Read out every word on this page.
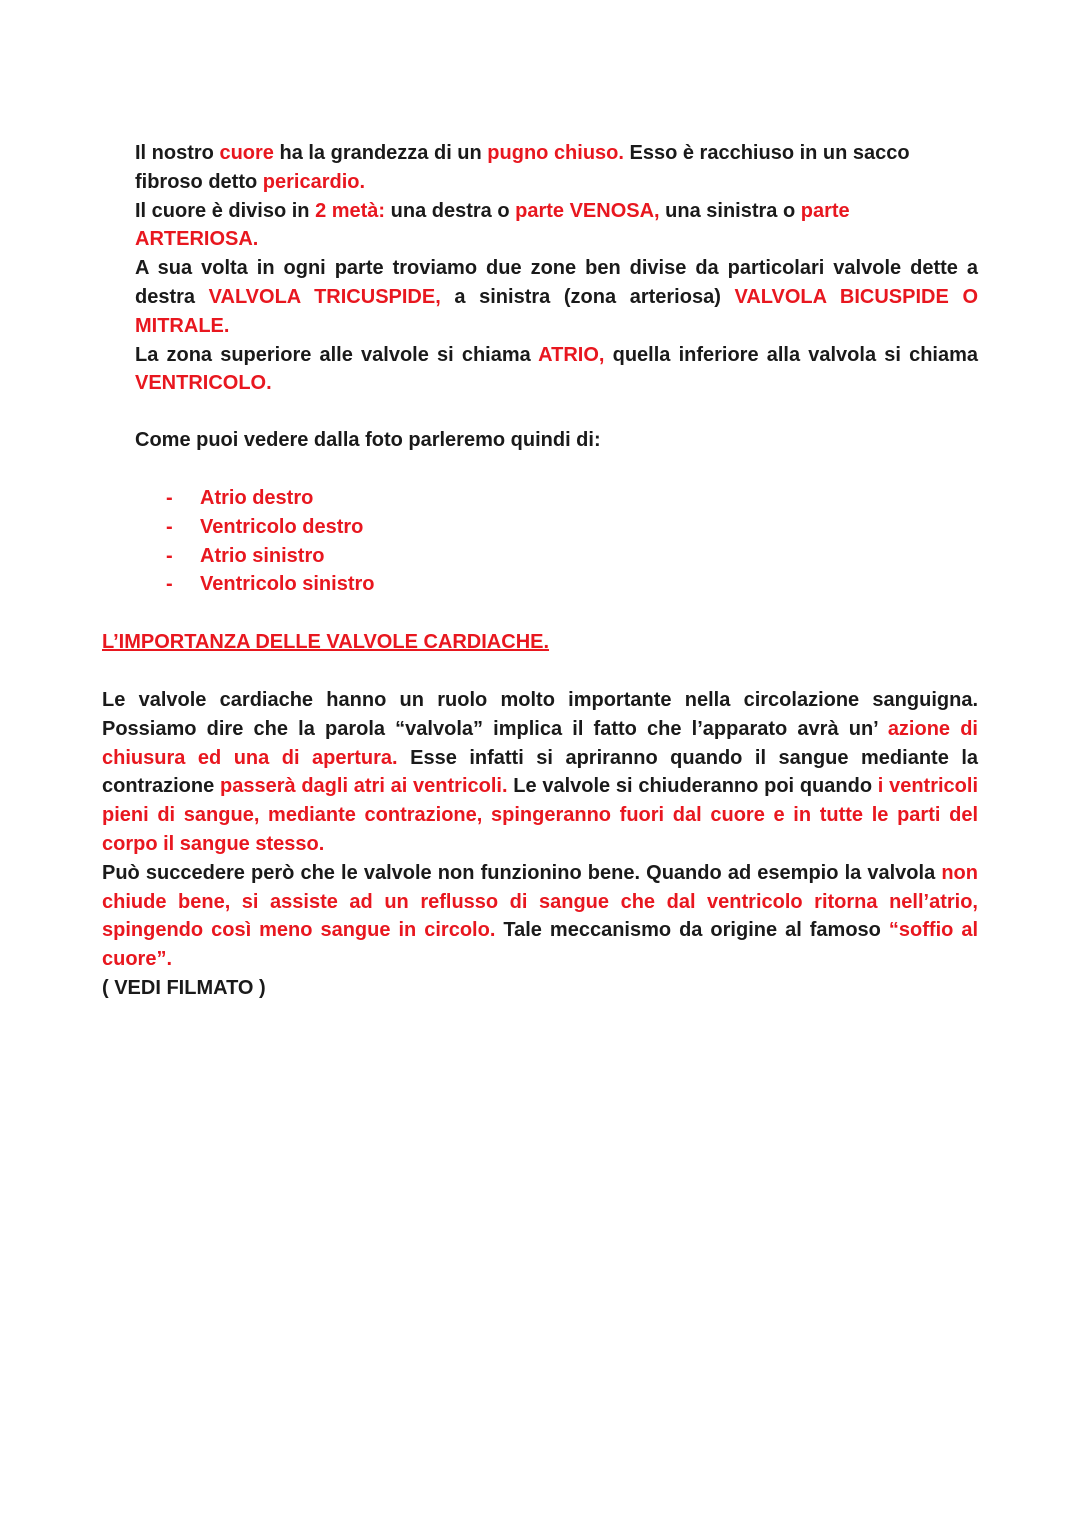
Il nostro cuore ha la grandezza di un pugno chiuso. Esso è racchiuso in un sacco fibroso detto pericardio.

Il cuore è diviso in 2 metà: una destra o parte VENOSA, una sinistra o parte ARTERIOSA.

A sua volta in ogni parte troviamo due zone ben divise da particolari valvole dette a destra VALVOLA TRICUSPIDE, a sinistra (zona arteriosa) VALVOLA BICUSPIDE O MITRALE.

La zona superiore alle valvole si chiama ATRIO, quella inferiore alla valvola si chiama VENTRICOLO.

Come puoi vedere dalla foto parleremo quindi di:

- Atrio destro
- Ventricolo destro
- Atrio sinistro
- Ventricolo sinistro
L’IMPORTANZA DELLE VALVOLE CARDIACHE.

Le valvole cardiache hanno un ruolo molto importante nella circolazione sanguigna. Possiamo dire che la parola “valvola” implica il fatto che l’apparato avrà un’ azione di chiusura ed una di apertura. Esse infatti si apriranno quando il sangue mediante la contrazione passerà dagli atri ai ventricoli. Le valvole si chiuderanno poi quando i ventricoli pieni di sangue, mediante contrazione, spingeranno fuori dal cuore e in tutte le parti del corpo il sangue stesso.

Può succedere però che le valvole non funzionino bene. Quando ad esempio la valvola non chiude bene, si assiste ad un reflusso di sangue che dal ventricolo ritorna nell’atrio, spingendo così meno sangue in circolo. Tale meccanismo da origine al famoso “soffio al cuore”.

( VEDI FILMATO )
